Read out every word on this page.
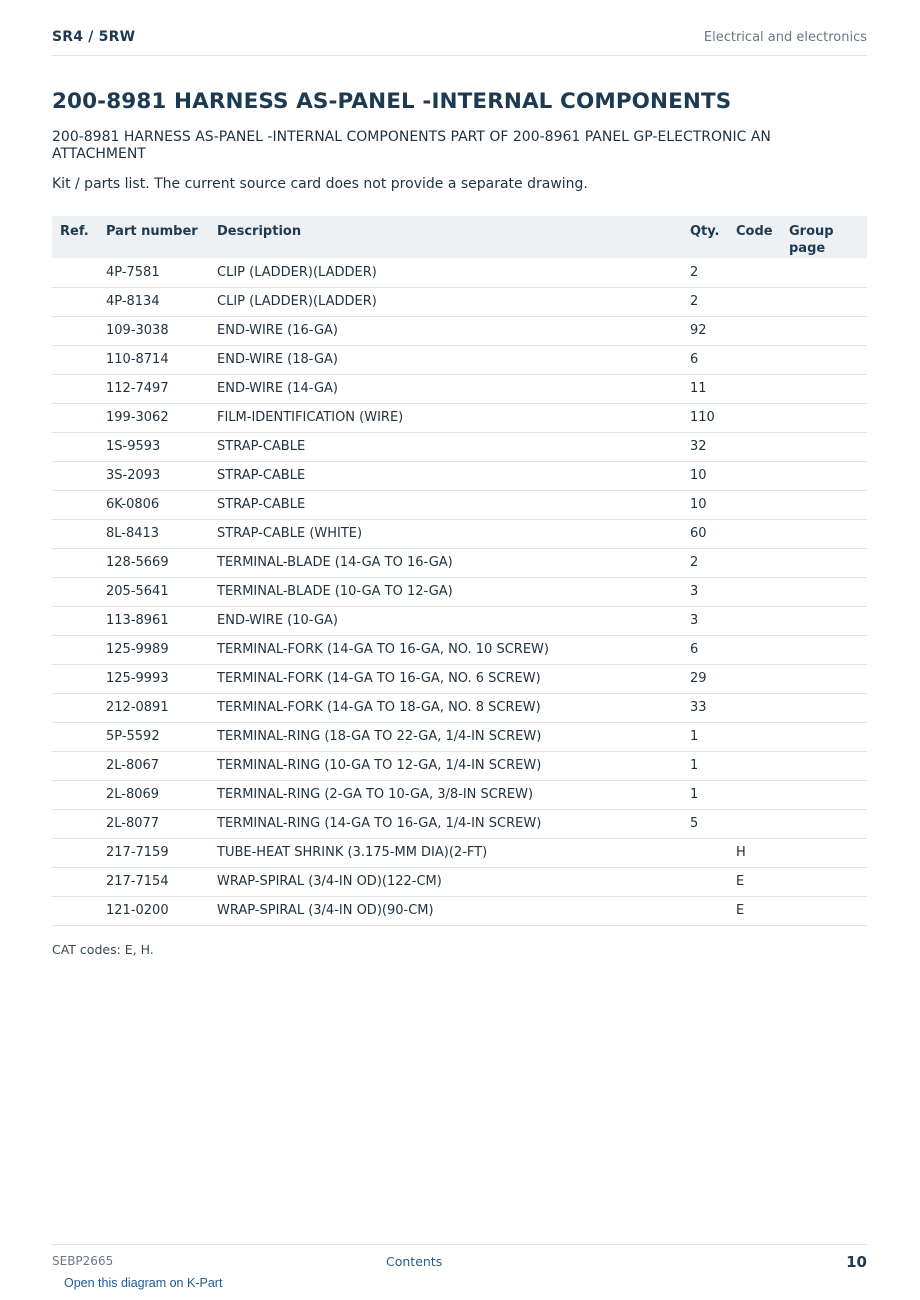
SR4 / 5RW	Electrical and electronics
200-8981 HARNESS AS-PANEL -INTERNAL COMPONENTS
200-8981 HARNESS AS-PANEL -INTERNAL COMPONENTS PART OF 200-8961 PANEL GP-ELECTRONIC AN ATTACHMENT
Kit / parts list. The current source card does not provide a separate drawing.
Ref.	Part number	Description	Qty.	Code	Group page
	4P-7581	CLIP (LADDER)(LADDER)	2		
	4P-8134	CLIP (LADDER)(LADDER)	2		
	109-3038	END-WIRE (16-GA)	92		
	110-8714	END-WIRE (18-GA)	6		
	112-7497	END-WIRE (14-GA)	11		
	199-3062	FILM-IDENTIFICATION (WIRE)	110		
	1S-9593	STRAP-CABLE	32		
	3S-2093	STRAP-CABLE	10		
	6K-0806	STRAP-CABLE	10		
	8L-8413	STRAP-CABLE (WHITE)	60		
	128-5669	TERMINAL-BLADE (14-GA TO 16-GA)	2		
	205-5641	TERMINAL-BLADE (10-GA TO 12-GA)	3		
	113-8961	END-WIRE (10-GA)	3		
	125-9989	TERMINAL-FORK (14-GA TO 16-GA, NO. 10 SCREW)	6		
	125-9993	TERMINAL-FORK (14-GA TO 16-GA, NO. 6 SCREW)	29		
	212-0891	TERMINAL-FORK (14-GA TO 18-GA, NO. 8 SCREW)	33		
	5P-5592	TERMINAL-RING (18-GA TO 22-GA, 1/4-IN SCREW)	1		
	2L-8067	TERMINAL-RING (10-GA TO 12-GA, 1/4-IN SCREW)	1		
	2L-8069	TERMINAL-RING (2-GA TO 10-GA, 3/8-IN SCREW)	1		
	2L-8077	TERMINAL-RING (14-GA TO 16-GA, 1/4-IN SCREW)	5		
	217-7159	TUBE-HEAT SHRINK (3.175-MM DIA)(2-FT)		H	
	217-7154	WRAP-SPIRAL (3/4-IN OD)(122-CM)		E	
	121-0200	WRAP-SPIRAL (3/4-IN OD)(90-CM)		E	
CAT codes: E, H.
SEBP2665	Contents	10
Open this diagram on K-Part
